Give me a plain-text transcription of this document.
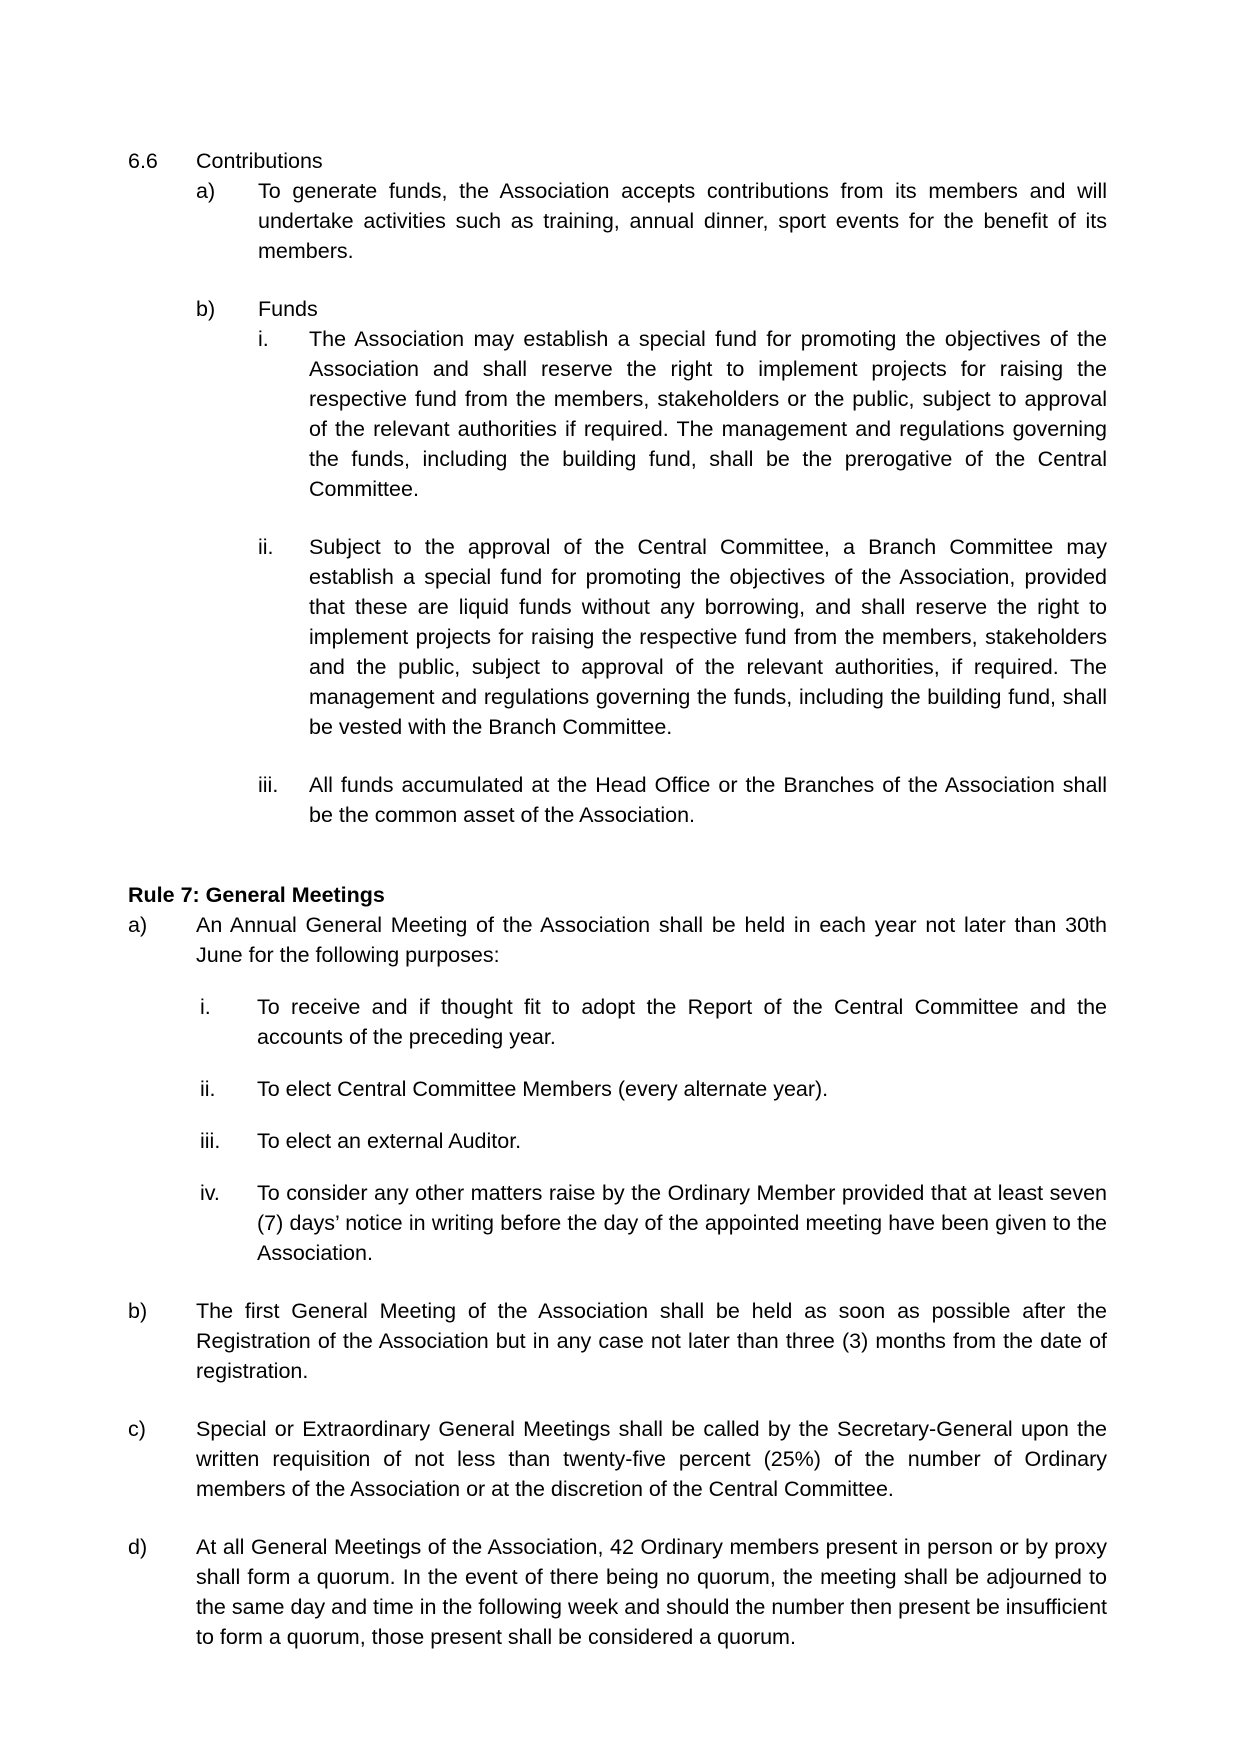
6.6	Contributions
a)	To generate funds, the Association accepts contributions from its members and will undertake activities such as training, annual dinner, sport events for the benefit of its members.
b)	Funds
i.	The Association may establish a special fund for promoting the objectives of the Association and shall reserve the right to implement projects for raising the respective fund from the members, stakeholders or the public, subject to approval of the relevant authorities if required. The management and regulations governing the funds, including the building fund, shall be the prerogative of the Central Committee.
ii.	Subject to the approval of the Central Committee, a Branch Committee may establish a special fund for promoting the objectives of the Association, provided that these are liquid funds without any borrowing, and shall reserve the right to implement projects for raising the respective fund from the members, stakeholders and the public, subject to approval of the relevant authorities, if required. The management and regulations governing the funds, including the building fund, shall be vested with the Branch Committee.
iii.	All funds accumulated at the Head Office or the Branches of the Association shall be the common asset of the Association.
Rule 7: General Meetings
a)	An Annual General Meeting of the Association shall be held in each year not later than 30th June for the following purposes:
i.	To receive and if thought fit to adopt the Report of the Central Committee and the accounts of the preceding year.
ii.	To elect Central Committee Members (every alternate year).
iii.	To elect an external Auditor.
iv.	To consider any other matters raise by the Ordinary Member provided that at least seven (7) days’ notice in writing before the day of the appointed meeting have been given to the Association.
b)	The first General Meeting of the Association shall be held as soon as possible after the Registration of the Association but in any case not later than three (3) months from the date of registration.
c)	Special or Extraordinary General Meetings shall be called by the Secretary-General upon the written requisition of not less than twenty-five percent (25%) of the number of Ordinary members of the Association or at the discretion of the Central Committee.
d)	At all General Meetings of the Association, 42 Ordinary members present in person or by proxy shall form a quorum. In the event of there being no quorum, the meeting shall be adjourned to the same day and time in the following week and should the number then present be insufficient to form a quorum, those present shall be considered a quorum.
